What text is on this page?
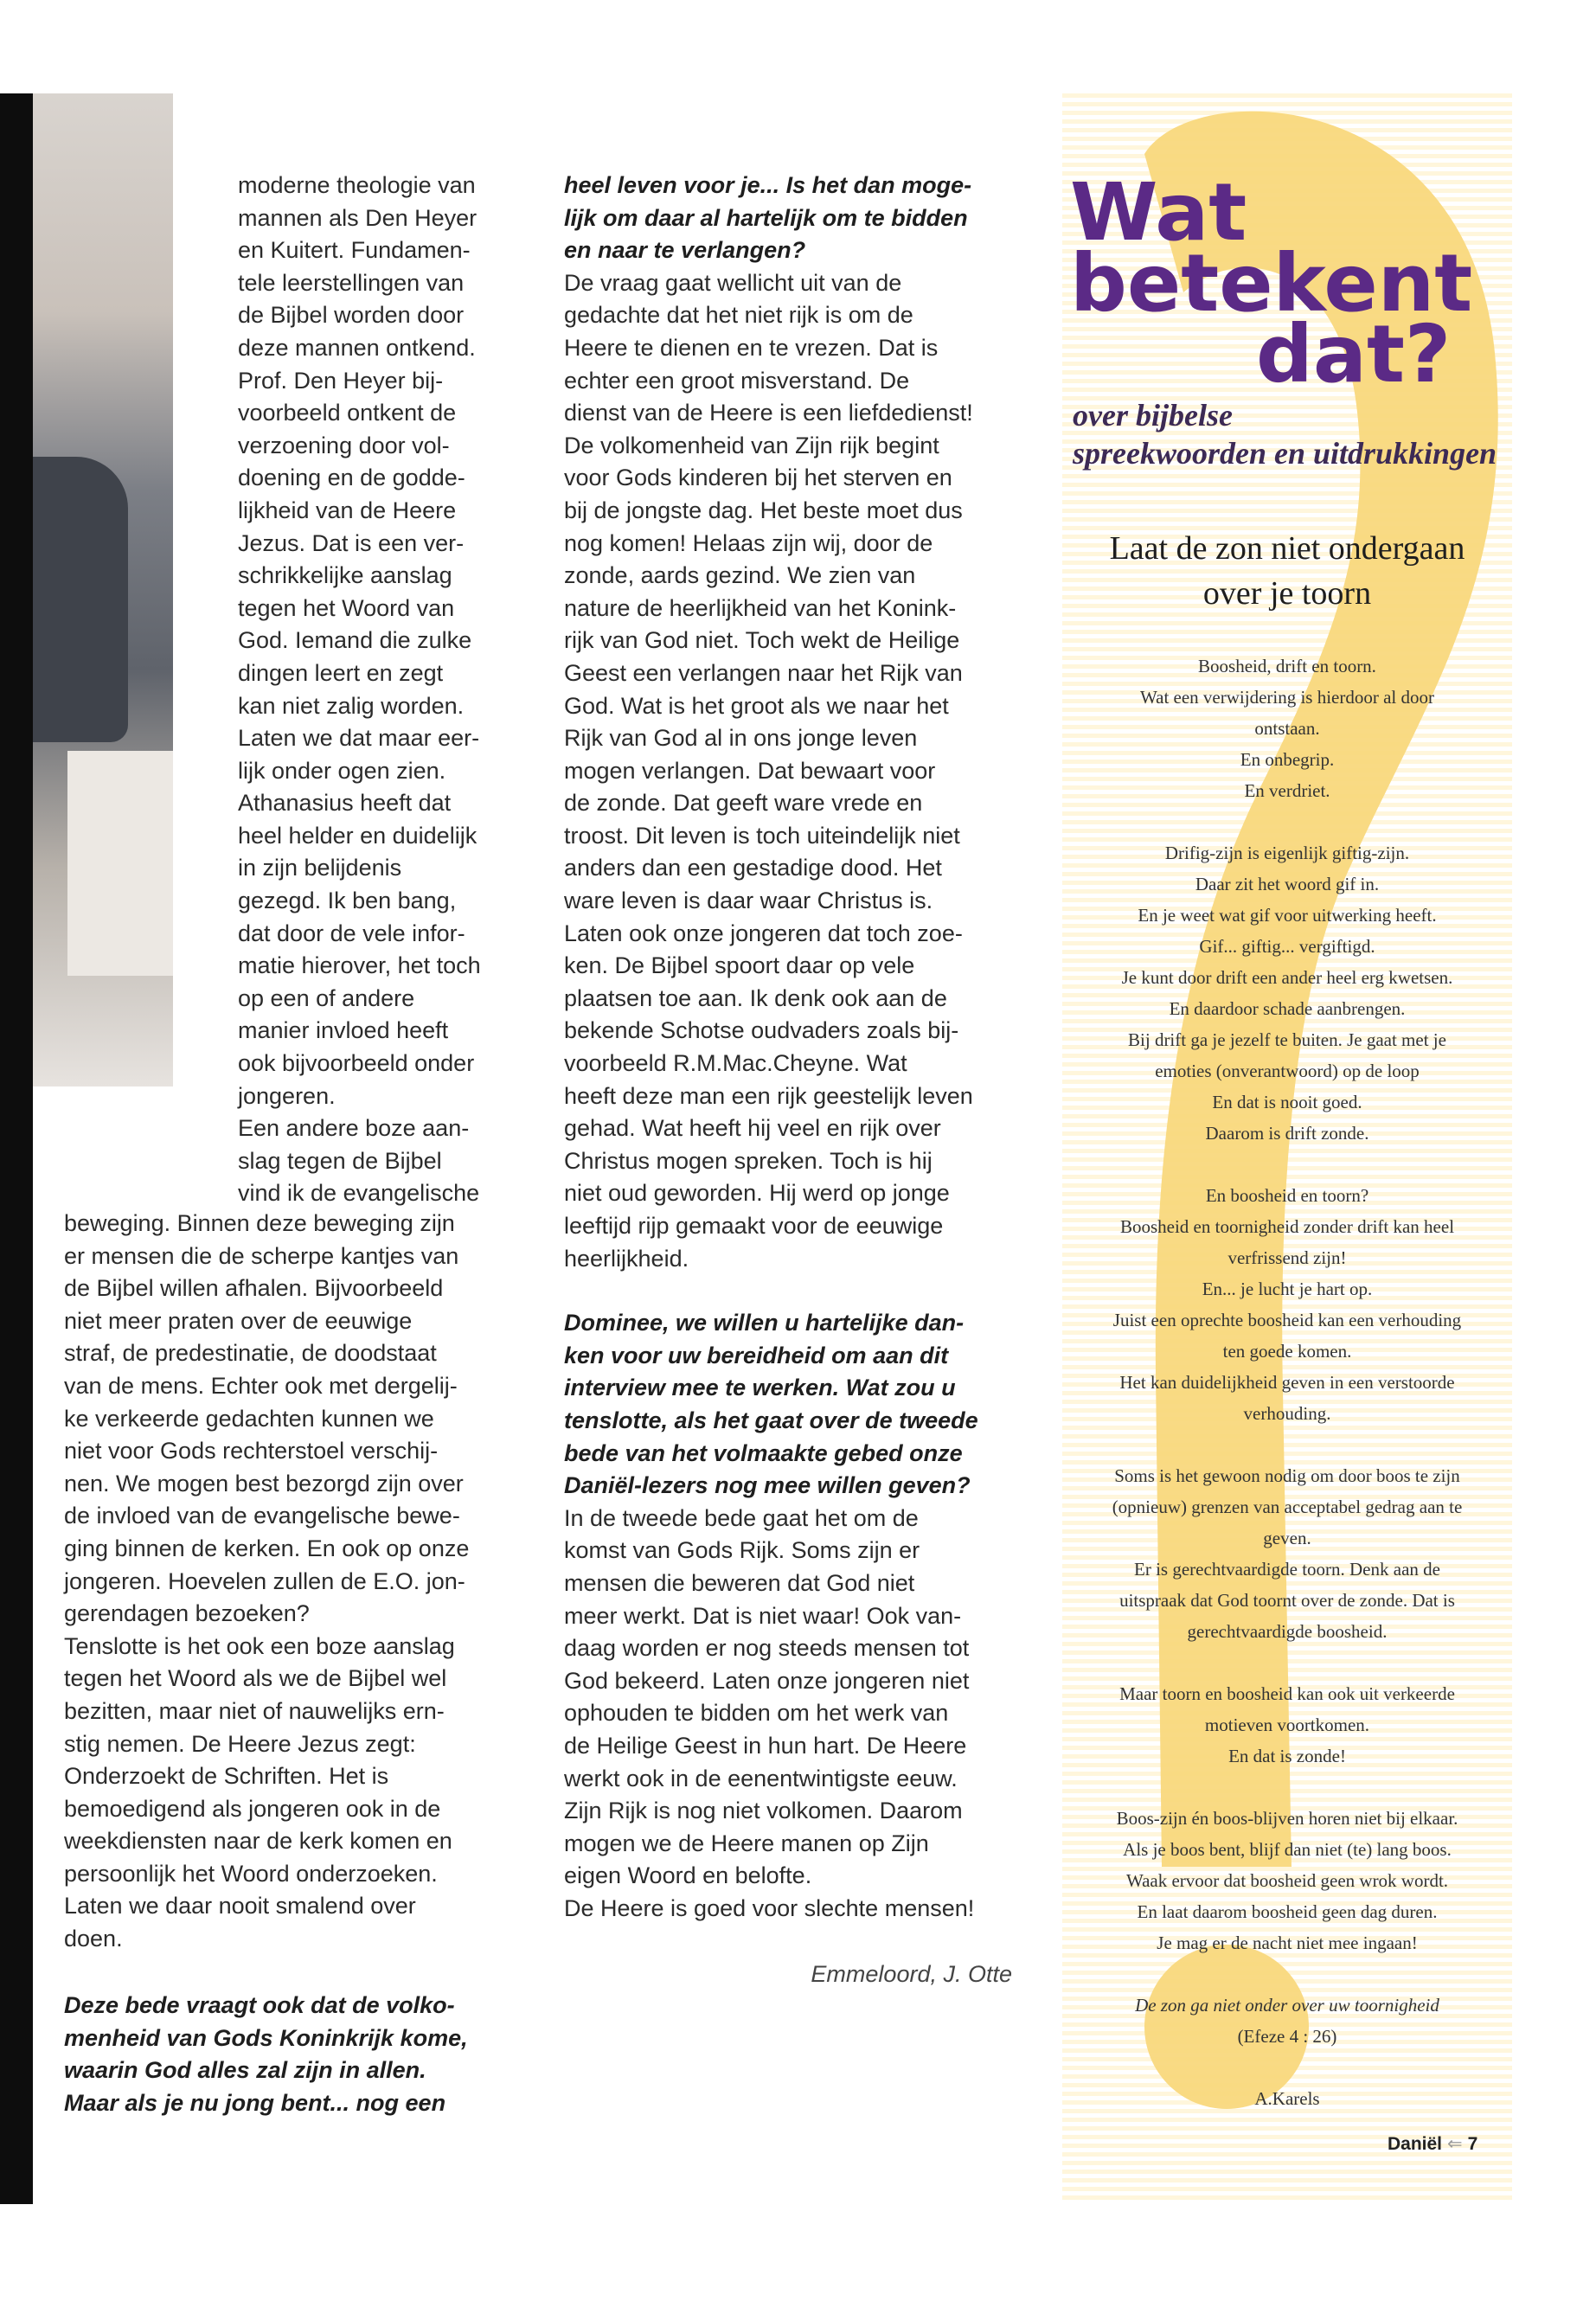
moderne theologie van

mannen als Den Heyer

en Kuitert. Fundamen-

tele leerstellingen van

de Bijbel worden door

deze mannen ontkend.

Prof. Den Heyer bij-

voorbeeld ontkent de

verzoening door vol-

doening en de godde-

lijkheid van de Heere

Jezus. Dat is een ver-

schrikkelijke aanslag

tegen het Woord van

God. Iemand die zulke

dingen leert en zegt

kan niet zalig worden.

Laten we dat maar eer-

lijk onder ogen zien.

Athanasius heeft dat

heel helder en duidelijk

in zijn belijdenis

gezegd. Ik ben bang,

dat door de vele infor-

matie hierover, het toch

op een of andere

manier invloed heeft

ook bijvoorbeeld onder

jongeren.

Een andere boze aan-

slag tegen de Bijbel

vind ik de evangelische

beweging. Binnen deze beweging zijn

er mensen die de scherpe kantjes van

de Bijbel willen afhalen. Bijvoorbeeld

niet meer praten over de eeuwige

straf, de predestinatie, de doodstaat

van de mens. Echter ook met dergelij-

ke verkeerde gedachten kunnen we

niet voor Gods rechterstoel verschij-

nen. We mogen best bezorgd zijn over

de invloed van de evangelische bewe-

ging binnen de kerken. En ook op onze

jongeren. Hoevelen zullen de E.O. jon-

gerendagen bezoeken?

Tenslotte is het ook een boze aanslag

tegen het Woord als we de Bijbel wel

bezitten, maar niet of nauwelijks ern-

stig nemen. De Heere Jezus zegt:

Onderzoekt de Schriften. Het is

bemoedigend als jongeren ook in de

weekdiensten naar de kerk komen en

persoonlijk het Woord onderzoeken.

Laten we daar nooit smalend over

doen.

Deze bede vraagt ook dat de volko-

menheid van Gods Koninkrijk kome,

waarin God alles zal zijn in allen.

Maar als je nu jong bent... nog een

heel leven voor je... Is het dan moge-

lijk om daar al hartelijk om te bidden

en naar te verlangen?

De vraag gaat wellicht uit van de

gedachte dat het niet rijk is om de

Heere te dienen en te vrezen. Dat is

echter een groot misverstand. De

dienst van de Heere is een liefdedienst!

De volkomenheid van Zijn rijk begint

voor Gods kinderen bij het sterven en

bij de jongste dag. Het beste moet dus

nog komen! Helaas zijn wij, door de

zonde, aards gezind. We zien van

nature de heerlijkheid van het Konink-

rijk van God niet. Toch wekt de Heilige

Geest een verlangen naar het Rijk van

God. Wat is het groot als we naar het

Rijk van God al in ons jonge leven

mogen verlangen. Dat bewaart voor

de zonde. Dat geeft ware vrede en

troost. Dit leven is toch uiteindelijk niet

anders dan een gestadige dood. Het

ware leven is daar waar Christus is.

Laten ook onze jongeren dat toch zoe-

ken. De Bijbel spoort daar op vele

plaatsen toe aan. Ik denk ook aan de

bekende Schotse oudvaders zoals bij-

voorbeeld R.M.Mac.Cheyne. Wat

heeft deze man een rijk geestelijk leven

gehad. Wat heeft hij veel en rijk over

Christus mogen spreken. Toch is hij

niet oud geworden. Hij werd op jonge

leeftijd rijp gemaakt voor de eeuwige

heerlijkheid.

Dominee, we willen u hartelijke dan-

ken voor uw bereidheid om aan dit

interview mee te werken. Wat zou u

tenslotte, als het gaat over de tweede

bede van het volmaakte gebed onze

Daniël-lezers nog mee willen geven?

In de tweede bede gaat het om de

komst van Gods Rijk. Soms zijn er

mensen die beweren dat God niet

meer werkt. Dat is niet waar! Ook van-

daag worden er nog steeds mensen tot

God bekeerd. Laten onze jongeren niet

ophouden te bidden om het werk van

de Heilige Geest in hun hart. De Heere

werkt ook in de eenentwintigste eeuw.

Zijn Rijk is nog niet volkomen. Daarom

mogen we de Heere manen op Zijn

eigen Woord en belofte.

De Heere is goed voor slechte mensen!

Emmeloord, J. Otte
Wat
betekent
dat?
over bijbelse
spreekwoorden en uitdrukkingen
Laat de zon niet ondergaan
over je toorn

Boosheid, drift en toorn.

Wat een verwijdering is hierdoor al door

ontstaan.

En onbegrip.

En verdriet.

Drifig-zijn is eigenlijk giftig-zijn.

Daar zit het woord gif in.

En je weet wat gif voor uitwerking heeft.

Gif... giftig... vergiftigd.

Je kunt door drift een ander heel erg kwetsen.

En daardoor schade aanbrengen.

Bij drift ga je jezelf te buiten. Je gaat met je

emoties (onverantwoord) op de loop

En dat is nooit goed.

Daarom is drift zonde.

En boosheid en toorn?

Boosheid en toornigheid zonder drift kan heel

verfrissend zijn!

En... je lucht je hart op.

Juist een oprechte boosheid kan een verhouding

ten goede komen.

Het kan duidelijkheid geven in een verstoorde

verhouding.

Soms is het gewoon nodig om door boos te zijn

(opnieuw) grenzen van acceptabel gedrag aan te

geven.

Er is gerechtvaardigde toorn. Denk aan de

uitspraak dat God toornt over de zonde. Dat is

gerechtvaardigde boosheid.

Maar toorn en boosheid kan ook uit verkeerde

motieven voortkomen.

En dat is zonde!

Boos-zijn én boos-blijven horen niet bij elkaar.

Als je boos bent, blijf dan niet (te) lang boos.

Waak ervoor dat boosheid geen wrok wordt.

En laat daarom boosheid geen dag duren.

Je mag er de nacht niet mee ingaan!

De zon ga niet onder over uw toornigheid

(Efeze 4 : 26)

A.Karels

Daniël ⇐ 7
